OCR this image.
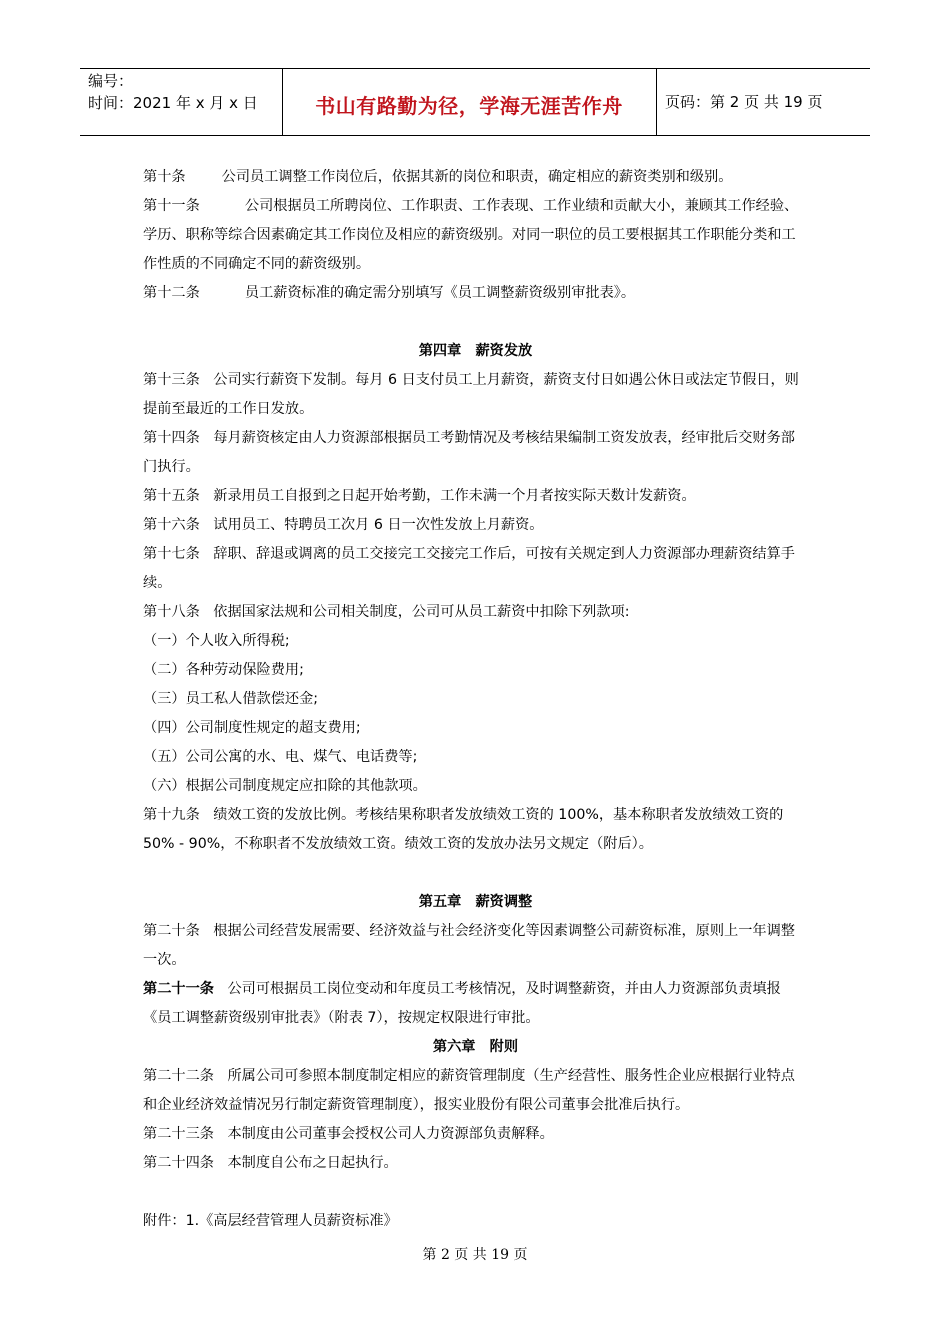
编号：
时间：2021 年 x 月 x 日	书山有路勤为径，学海无涯苦作舟	页码：第 2 页 共 19 页

第十条	公司员工调整工作岗位后，依据其新的岗位和职责，确定相应的薪资类别和级别。

第十一条	公司根据员工所聘岗位、工作职责、工作表现、工作业绩和贡献大小，兼顾其工作经验、学历、职称等综合因素确定其工作岗位及相应的薪资级别。对同一职位的员工要根据其工作职能分类和工作性质的不同确定不同的薪资级别。

第十二条	员工薪资标准的确定需分别填写《员工调整薪资级别审批表》。

第四章　薪资发放

第十三条 公司实行薪资下发制。每月 6 日支付员工上月薪资，薪资支付日如遇公休日或法定节假日，则提前至最近的工作日发放。

第十四条 每月薪资核定由人力资源部根据员工考勤情况及考核结果编制工资发放表，经审批后交财务部门执行。

第十五条 新录用员工自报到之日起开始考勤，工作未满一个月者按实际天数计发薪资。

第十六条 试用员工、特聘员工次月 6 日一次性发放上月薪资。

第十七条 辞职、辞退或调离的员工交接完工交接完工作后，可按有关规定到人力资源部办理薪资结算手续。

第十八条 依据国家法规和公司相关制度，公司可从员工薪资中扣除下列款项:

（一）个人收入所得税;

（二）各种劳动保险费用;

（三）员工私人借款偿还金;

（四）公司制度性规定的超支费用;

（五）公司公寓的水、电、煤气、电话费等;

（六）根据公司制度规定应扣除的其他款项。

第十九条 绩效工资的发放比例。考核结果称职者发放绩效工资的 100%，基本称职者发放绩效工资的 50% - 90%，不称职者不发放绩效工资。绩效工资的发放办法另文规定（附后）。

第五章　薪资调整

第二十条 根据公司经营发展需要、经济效益与社会经济变化等因素调整公司薪资标准，原则上一年调整一次。

第二十一条 公司可根据员工岗位变动和年度员工考核情况，及时调整薪资，并由人力资源部负责填报《员工调整薪资级别审批表》（附表 7），按规定权限进行审批。

第六章　附则

第二十二条 所属公司可参照本制度制定相应的薪资管理制度（生产经营性、服务性企业应根据行业特点和企业经济效益情况另行制定薪资管理制度），报实业股份有限公司董事会批准后执行。

第二十三条 本制度由公司董事会授权公司人力资源部负责解释。

第二十四条 本制度自公布之日起执行。

附件：1.《高层经营管理人员薪资标准》

第 2 页 共 19 页
